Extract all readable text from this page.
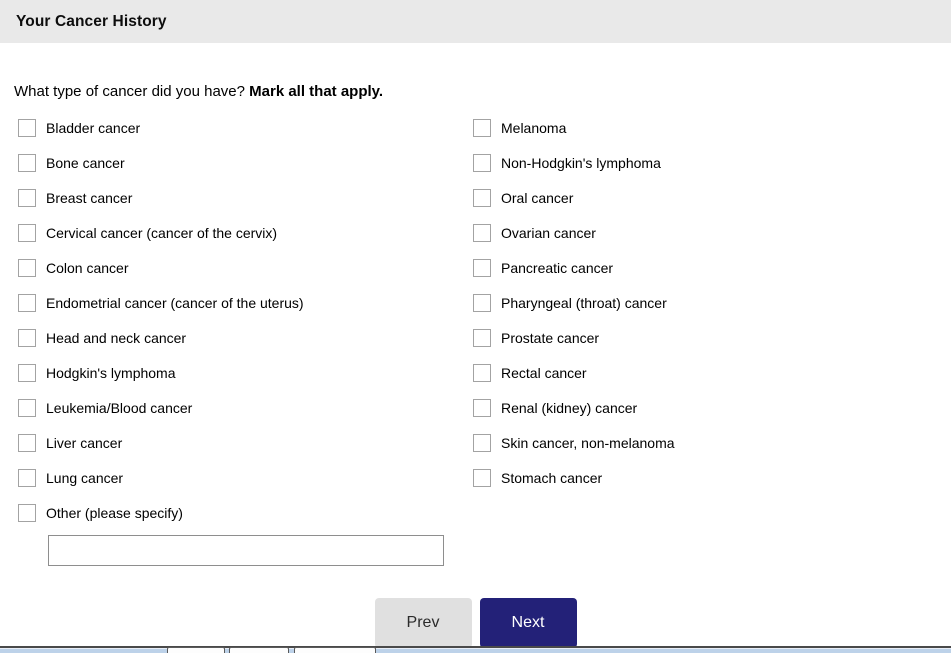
Your Cancer History
What type of cancer did you have? Mark all that apply.
Bladder cancer
Bone cancer
Breast cancer
Cervical cancer (cancer of the cervix)
Colon cancer
Endometrial cancer (cancer of the uterus)
Head and neck cancer
Hodgkin's lymphoma
Leukemia/Blood cancer
Liver cancer
Lung cancer
Other (please specify)
Melanoma
Non-Hodgkin's lymphoma
Oral cancer
Ovarian cancer
Pancreatic cancer
Pharyngeal (throat) cancer
Prostate cancer
Rectal cancer
Renal (kidney) cancer
Skin cancer, non-melanoma
Stomach cancer
Prev	Next
